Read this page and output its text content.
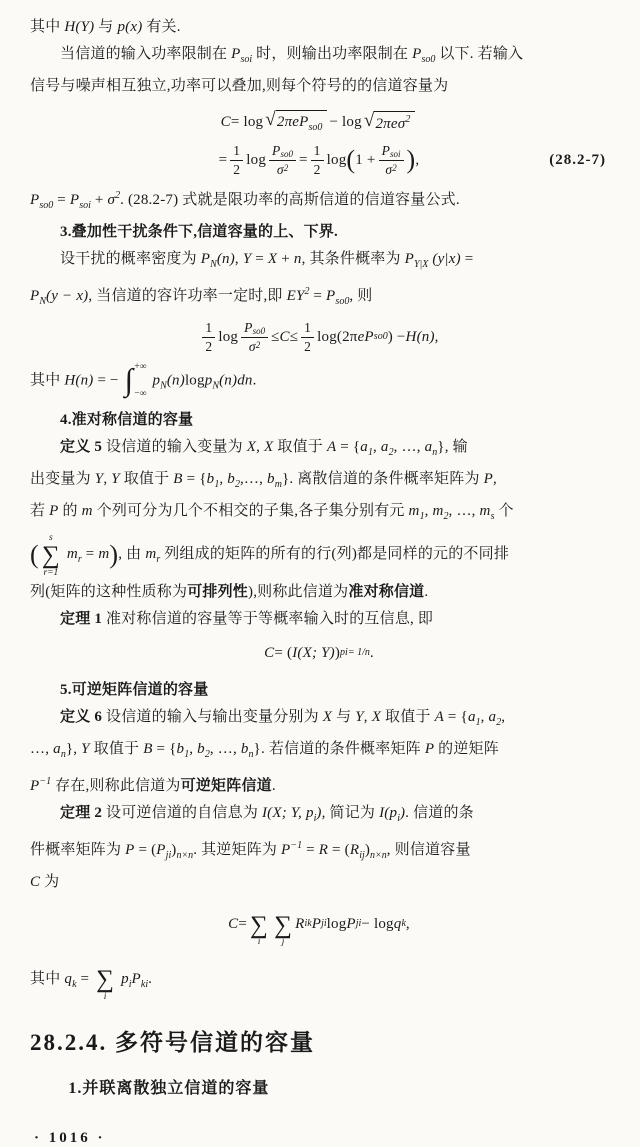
其中 H(Y) 与 p(x) 有关.
当信道的输入功率限制在 $P_{soi}$ 时，则输出功率限制在 $P_{so0}$ 以下. 若输入
信号与噪声相互独立,功率可以叠加,则每个符号的的信道容量为
C = log √ 2πeP$_{so0}$ − log √ 2πeσ$^2$
= $\frac{1}{2}$ $\log \frac{\text{Pso0}}{\sigma^2} = \frac{1}{2}$ log ( $1 + \frac{\text{Psoi}}{\sigma^2}$ ) ,	(28.2-7)
$P_{so0} = P_{soi} + \sigma^2$. (28.2-7) 式就是限功率的高斯信道的信道容量公式.
3.叠加性干扰条件下,信道容量的上、下界.
设干扰的概率密度为 $P_N(n)$, Y = X + n, 其条件概率为 $P_{Y|X}$ (y|x) =
$P_N(y - x)$, 当信道的容许功率一定时,即 $EY^2 = P_{so0}$, 则
$\frac{1}{2}$ $\log \frac{\text{Pso0}}{\sigma^2} \le C \le \frac{1}{2} \log(2\pi$ eP so0 ) − H (n) ,
其中 H(n) = − ∫ +∞
−∞
$p_N(n)\log p_N(n)dn$.
4.准对称信道的容量
定义 5 设信道的输入变量为 X, X 取值于 $A = \{a_1$, $a_2$, …, $a_n$}, 输
出变量为 Y, Y 取值于 $B = \{b_1$, $b_2,\dots$, $b_m$}. 离散信道的条件概率矩阵为 P,
若 P 的 m 个列可分为几个不相交的子集,各子集分别有元 $m_1$, $m_2$, …, $m_s$ 个
(
s
∑
r=1
$m_r = m$), 由 $m_r$ 列组成的矩阵的所有的行(列)都是同样的元的不同排
列(矩阵的这种性质称为可排列性),则称此信道为准对称信道.
定理 1 准对称信道的容量等于等概率输入时的互信息, 即
C = ( I(X; Y) ) p i = 1/n .
5.可逆矩阵信道的容量
定义 6 设信道的输入与输出变量分别为 X 与 Y, X 取值于 $A = \{a_1$, $a_2$,
…, $a_n$}, Y 取值于 $B = \{b_1$, $b_2$, …, $b_n$}. 若信道的条件概率矩阵 P 的逆矩阵
$P^{-1}$ 存在,则称此信道为可逆矩阵信道.
定理 2 设可逆信道的自信息为 I(X; Y, $p_i$), 简记为 $I(p_i)$. 信道的条
件概率矩阵为 $P = (P_{ji})_{n\times n}$. 其逆矩阵为 $P^{-1} = R = (R_{ij})_{n\times n}$, 则信道容量
C 为
C =
∑
i

∑
j
R ik P ji log P ji − log q k ,
其中 $q_k$ =
∑
i
$p_iP_{ki}$.
28.2.4. 多符号信道的容量
1.并联离散独立信道的容量
· 1016 ·
